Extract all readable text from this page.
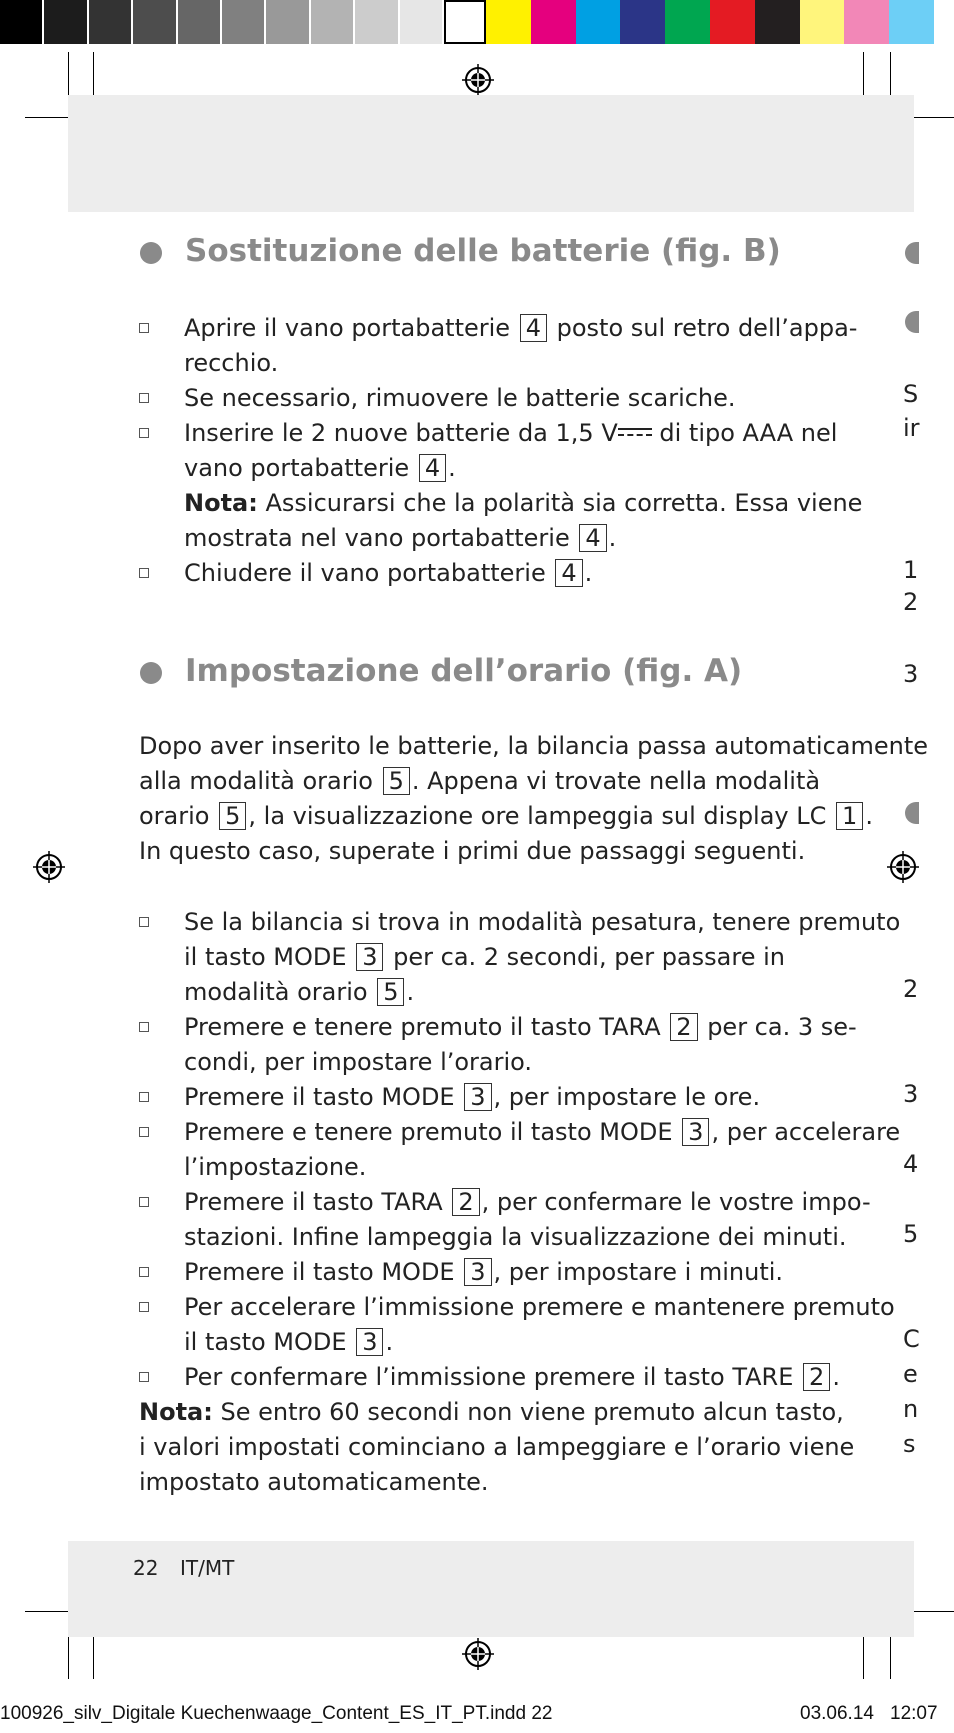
Sostituzione delle batterie (fig. B)
Aprire il vano portabatterie 4 posto sul retro dell’appa-
recchio.
Se necessario, rimuovere le batterie scariche.
Inserire le 2 nuove batterie da 1,5 V di tipo AAA nel
vano portabatterie 4 .
Nota: Assicurarsi che la polarità sia corretta. Essa viene
mostrata nel vano portabatterie 4 .
Chiudere il vano portabatterie 4 .
Impostazione dell’orario (fig. A)
Dopo aver inserito le batterie, la bilancia passa automaticamente
alla modalità orario 5 . Appena vi trovate nella modalità
orario 5 , la visualizzazione ore lampeggia sul display LC 1 .
In questo caso, superate i primi due passaggi seguenti.
Se la bilancia si trova in modalità pesatura, tenere premuto
il tasto MODE 3 per ca. 2 secondi, per passare in
modalità orario 5 .
Premere e tenere premuto il tasto TARA 2 per ca. 3 se-
condi, per impostare l’orario.
Premere il tasto MODE 3 , per impostare le ore.
Premere e tenere premuto il tasto MODE 3 , per accelerare
l’impostazione.
Premere il tasto TARA 2 , per confermare le vostre impo-
stazioni. Infine lampeggia la visualizzazione dei minuti.
Premere il tasto MODE 3 , per impostare i minuti.
Per accelerare l’immissione premere e mantenere premuto
il tasto MODE 3 .
Per confermare l’immissione premere il tasto TARE 2 .
Nota: Se entro 60 secondi non viene premuto alcun tasto,
i valori impostati cominciano a lampeggiare e l’orario viene
impostato automaticamente.
S
ir
1
2
3
2
3
4
5
C
e
n
s
22 IT/MT
100926_silv_Digitale Kuechenwaage_Content_ES_IT_PT.indd 22	03.06.14 12:07
